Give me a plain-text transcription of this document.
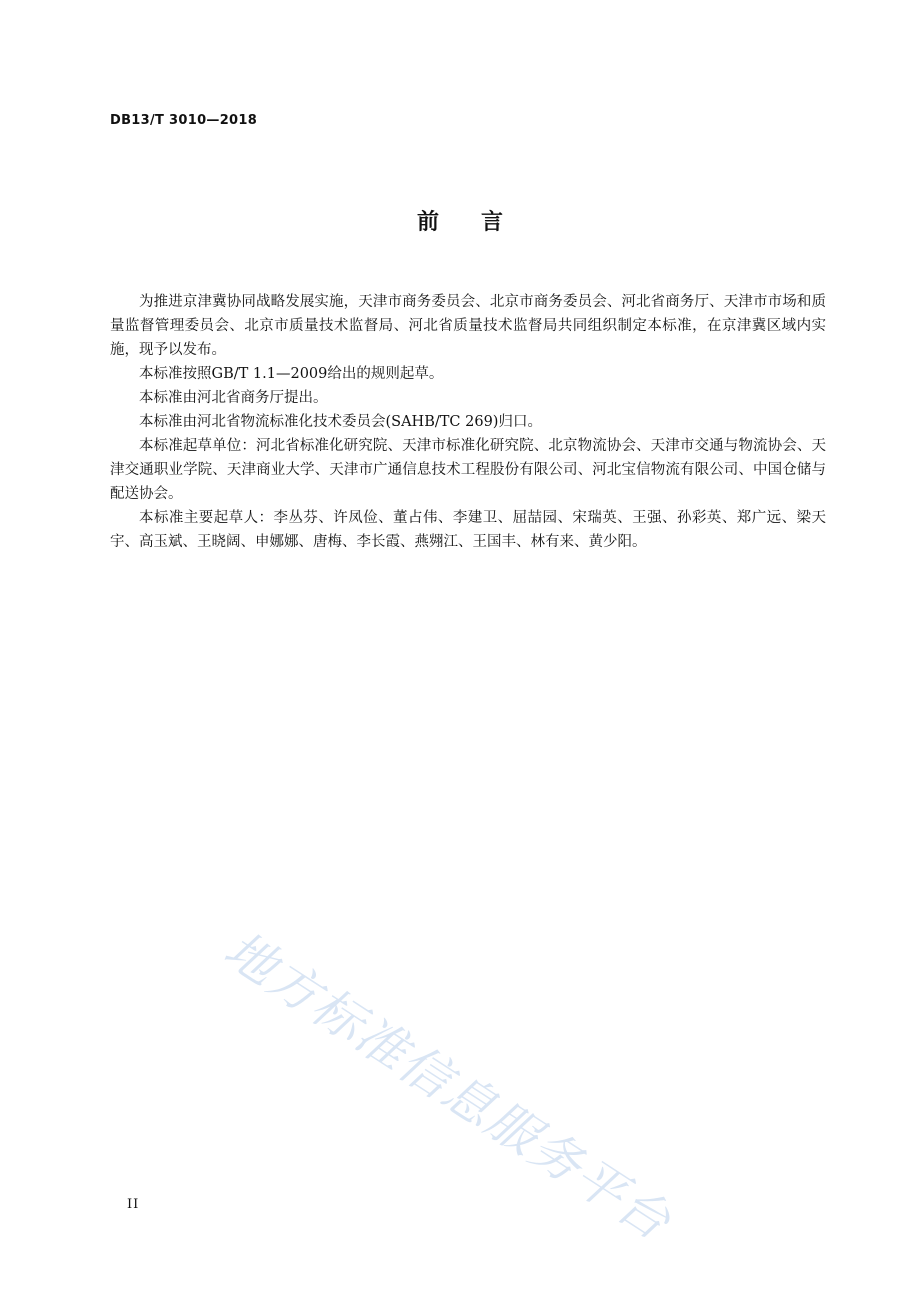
DB13/T 3010—2018
前言

为推进京津冀协同战略发展实施，天津市商务委员会、北京市商务委员会、河北省商务厅、天津市市场和质量监督管理委员会、北京市质量技术监督局、河北省质量技术监督局共同组织制定本标准，在京津冀区域内实施，现予以发布。

本标准按照GB/T 1.1—2009给出的规则起草。

本标准由河北省商务厅提出。

本标准由河北省物流标准化技术委员会(SAHB/TC 269)归口。

本标准起草单位：河北省标准化研究院、天津市标准化研究院、北京物流协会、天津市交通与物流协会、天津交通职业学院、天津商业大学、天津市广通信息技术工程股份有限公司、河北宝信物流有限公司、中国仓储与配送协会。

本标准主要起草人：李丛芬、许凤俭、董占伟、李建卫、屈喆园、宋瑞英、王强、孙彩英、郑广远、梁天宇、高玉斌、王晓阔、申娜娜、唐梅、李长霞、燕翙江、王国丰、林有来、黄少阳。

地方标准信息服务平台
II
